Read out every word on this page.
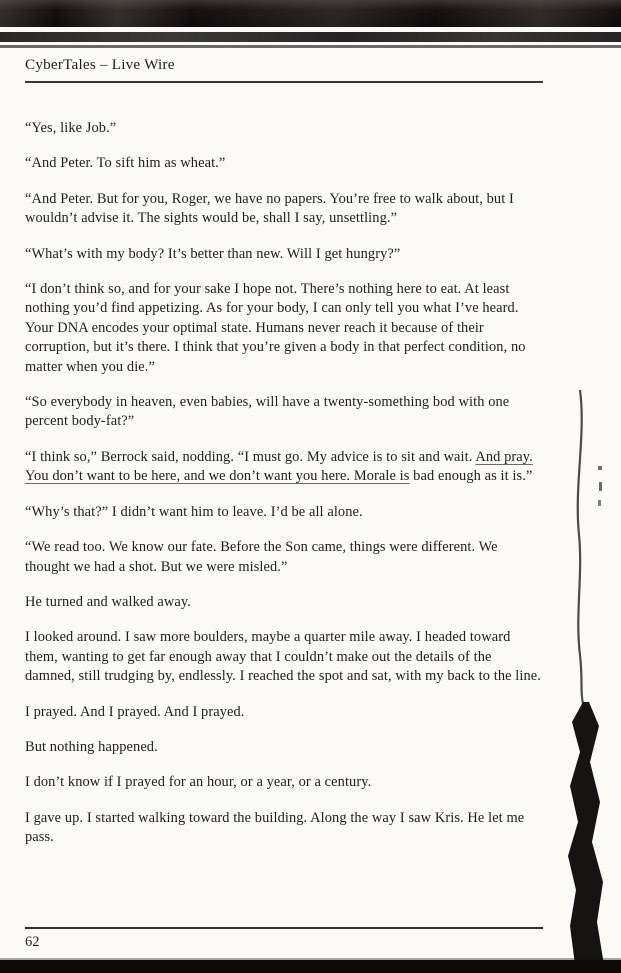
CyberTales – Live Wire

“Yes, like Job.”

“And Peter. To sift him as wheat.”

“And Peter. But for you, Roger, we have no papers. You’re free to walk about, but I wouldn’t advise it. The sights would be, shall I say, unsettling.”

“What’s with my body? It’s better than new. Will I get hungry?”

“I don’t think so, and for your sake I hope not. There’s nothing here to eat. At least nothing you’d find appetizing. As for your body, I can only tell you what I’ve heard. Your DNA encodes your optimal state. Humans never reach it because of their corruption, but it’s there. I think that you’re given a body in that perfect condition, no matter when you die.”

“So everybody in heaven, even babies, will have a twenty-something bod with one percent body-fat?”

“I think so,” Berrock said, nodding. “I must go. My advice is to sit and wait. And pray. You don’t want to be here, and we don’t want you here. Morale is bad enough as it is.”

“Why’s that?” I didn’t want him to leave. I’d be all alone.

“We read too. We know our fate. Before the Son came, things were different. We thought we had a shot. But we were misled.”

He turned and walked away.

I looked around. I saw more boulders, maybe a quarter mile away. I headed toward them, wanting to get far enough away that I couldn’t make out the details of the damned, still trudging by, endlessly. I reached the spot and sat, with my back to the line.

I prayed. And I prayed. And I prayed.

But nothing happened.

I don’t know if I prayed for an hour, or a year, or a century.

I gave up. I started walking toward the building. Along the way I saw Kris. He let me pass.

62
